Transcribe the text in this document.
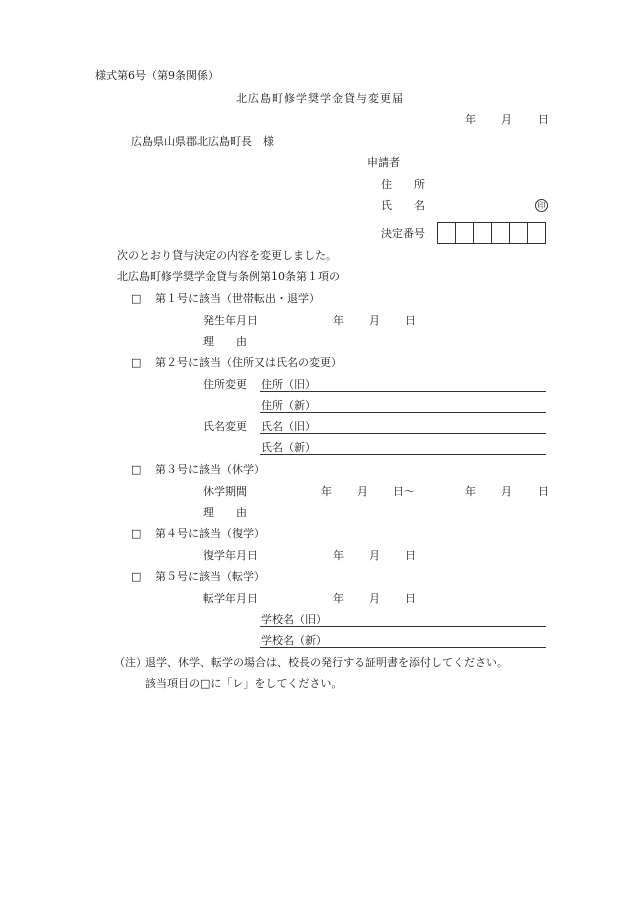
様式第6号（第9条関係）
北広島町修学奨学金貸与変更届
年 月 日
広島県山県郡北広島町長　様
申請者
住　　所
氏　　名	印
決定番号
次のとおり貸与決定の内容を変更しました。
北広島町修学奨学金貸与条例第10条第１項の
□ 第１号に該当（世帯転出・退学）
発生年月日	年 月 日
理　　由
□ 第２号に該当（住所又は氏名の変更）
住所変更 住所（旧）
住所（新）
氏名変更 氏名（旧）
氏名（新）
□ 第３号に該当（休学）
休学期間	年 月 日～	年 月 日
理　　由
□ 第４号に該当（復学）
復学年月日	年 月 日
□ 第５号に該当（転学）
転学年月日	年 月 日
学校名（旧）
学校名（新）
（注）
退学、休学、転学の場合は、校長の発行する証明書を添付してください。
該当項目の□に「レ」をしてください。
